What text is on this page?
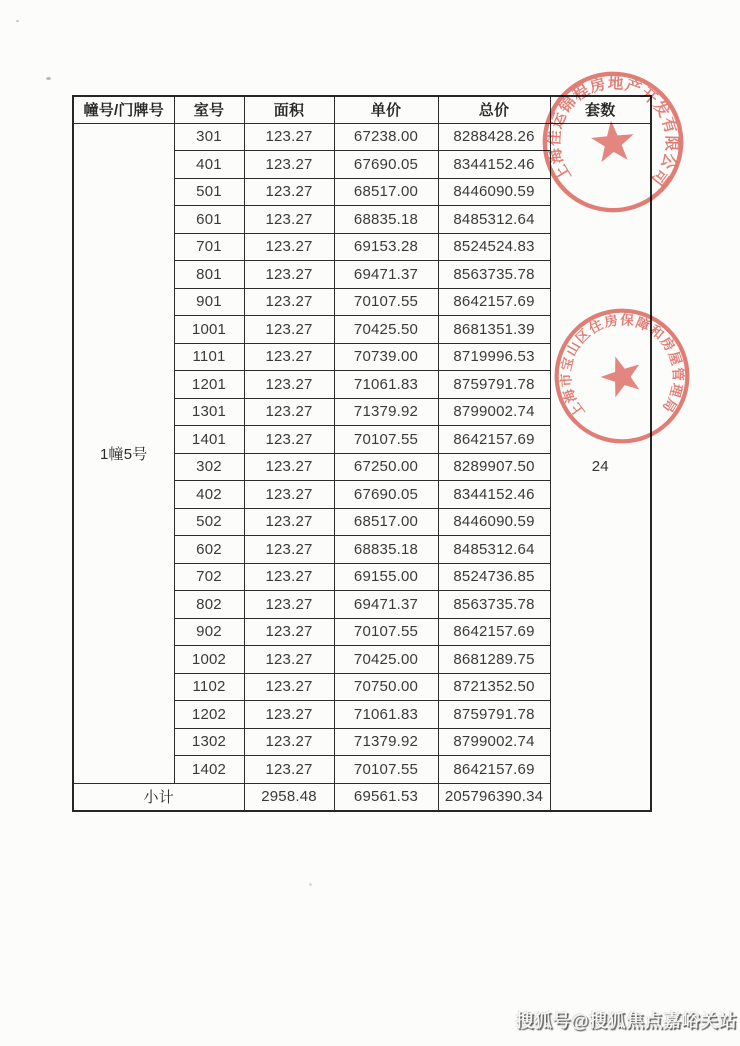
幢号/门牌号	室号	面积	单价	总价	套数
1幢5号	301	123.27	67238.00	8288428.26	24
	401	123.27	67690.05	8344152.46	
	501	123.27	68517.00	8446090.59	
	601	123.27	68835.18	8485312.64	
	701	123.27	69153.28	8524524.83	
	801	123.27	69471.37	8563735.78	
	901	123.27	70107.55	8642157.69	
	1001	123.27	70425.50	8681351.39	
	1101	123.27	70739.00	8719996.53	
	1201	123.27	71061.83	8759791.78	
	1301	123.27	71379.92	8799002.74	
	1401	123.27	70107.55	8642157.69	
	302	123.27	67250.00	8289907.50	
	402	123.27	67690.05	8344152.46	
	502	123.27	68517.00	8446090.59	
	602	123.27	68835.18	8485312.64	
	702	123.27	69155.00	8524736.85	
	802	123.27	69471.37	8563735.78	
	902	123.27	70107.55	8642157.69	
	1002	123.27	70425.00	8681289.75	
	1102	123.27	70750.00	8721352.50	
	1202	123.27	71061.83	8759791.78	
	1302	123.27	71379.92	8799002.74	
	1402	123.27	70107.55	8642157.69	
小计		2958.48	69561.53	205796390.34	
上海佳运锦程房地产开发有限公司
上海市宝山区住房保障和房屋管理局
搜狐号@搜狐焦点嘉峪关站
